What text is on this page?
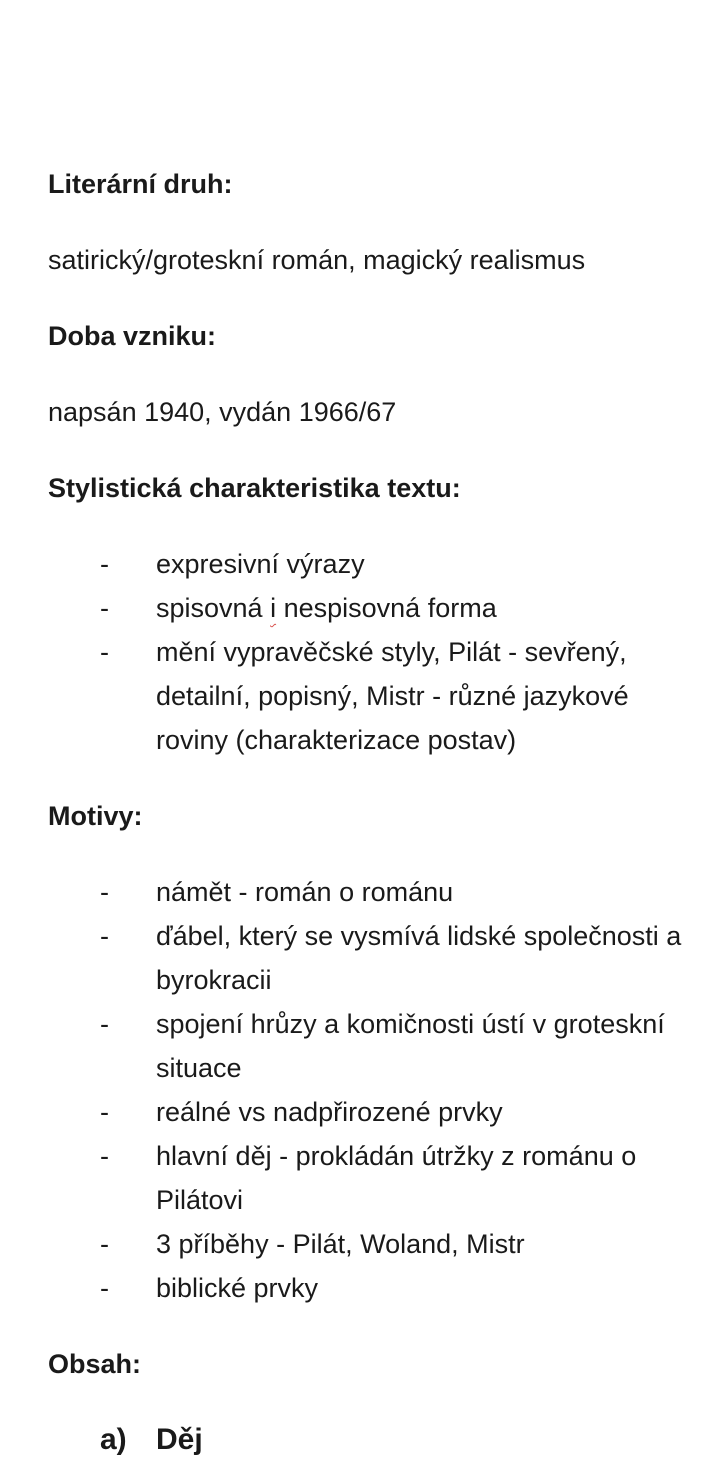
Literární druh:

satirický/groteskní román, magický realismus

Doba vzniku:

napsán 1940, vydán 1966/67

Stylistická charakteristika textu:

- expresivní výrazy
- spisovná i nespisovná forma
- mění vypravěčské styly, Pilát - sevřený, detailní, popisný, Mistr - různé jazykové roviny (charakterizace postav)

Motivy:

- námět - román o románu
- ďábel, který se vysmívá lidské společnosti a byrokracii
- spojení hrůzy a komičnosti ústí v groteskní situace
- reálné vs nadpřirozené prvky
- hlavní děj - prokládán útržky z románu o Pilátovi
- 3 příběhy - Pilát, Woland, Mistr
- biblické prvky

Obsah:

a) Děj
